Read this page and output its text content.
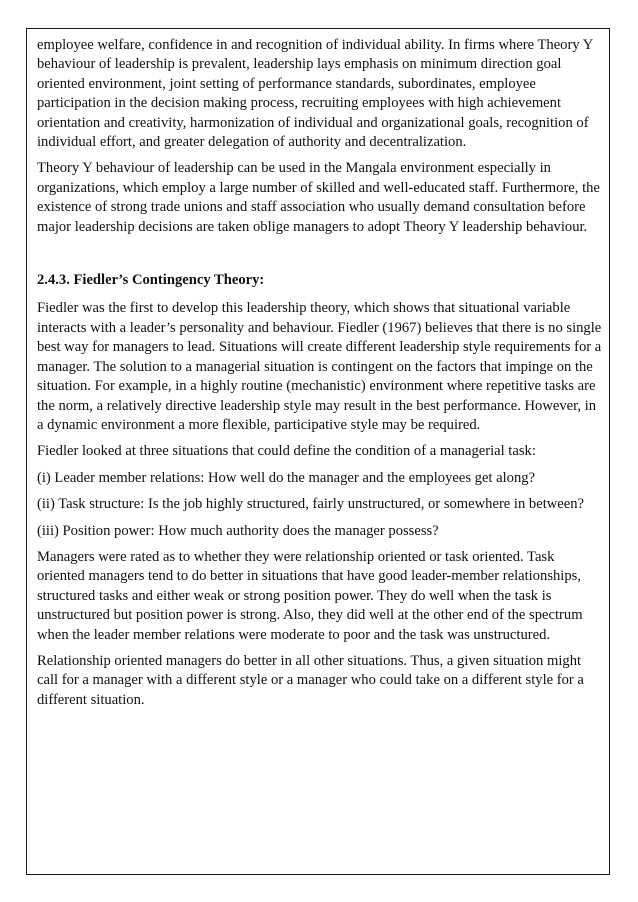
employee welfare, confidence in and recognition of individual ability. In firms where Theory Y behaviour of leadership is prevalent, leadership lays emphasis on minimum direction goal oriented environment, joint setting of performance standards, subordinates, employee participation in the decision making process, recruiting employees with high achievement orientation and creativity, harmonization of individual and organizational goals, recognition of individual effort, and greater delegation of authority and decentralization.

Theory Y behaviour of leadership can be used in the Mangala environment especially in organizations, which employ a large number of skilled and well-educated staff. Furthermore, the existence of strong trade unions and staff association who usually demand consultation before major leadership decisions are taken oblige managers to adopt Theory Y leadership behaviour.

2.4.3. Fiedler’s Contingency Theory:

Fiedler was the first to develop this leadership theory, which shows that situational variable interacts with a leader’s personality and behaviour. Fiedler (1967) believes that there is no single best way for managers to lead. Situations will create different leadership style requirements for a manager. The solution to a managerial situation is contingent on the factors that impinge on the situation. For example, in a highly routine (mechanistic) environment where repetitive tasks are the norm, a relatively directive leadership style may result in the best performance. However, in a dynamic environment a more flexible, participative style may be required.

Fiedler looked at three situations that could define the condition of a managerial task:

(i) Leader member relations: How well do the manager and the employees get along?

(ii) Task structure: Is the job highly structured, fairly unstructured, or somewhere in between?

(iii) Position power: How much authority does the manager possess?

Managers were rated as to whether they were relationship oriented or task oriented. Task oriented managers tend to do better in situations that have good leader-member relationships, structured tasks and either weak or strong position power. They do well when the task is unstructured but position power is strong. Also, they did well at the other end of the spectrum when the leader member relations were moderate to poor and the task was unstructured.

Relationship oriented managers do better in all other situations. Thus, a given situation might call for a manager with a different style or a manager who could take on a different style for a different situation.
